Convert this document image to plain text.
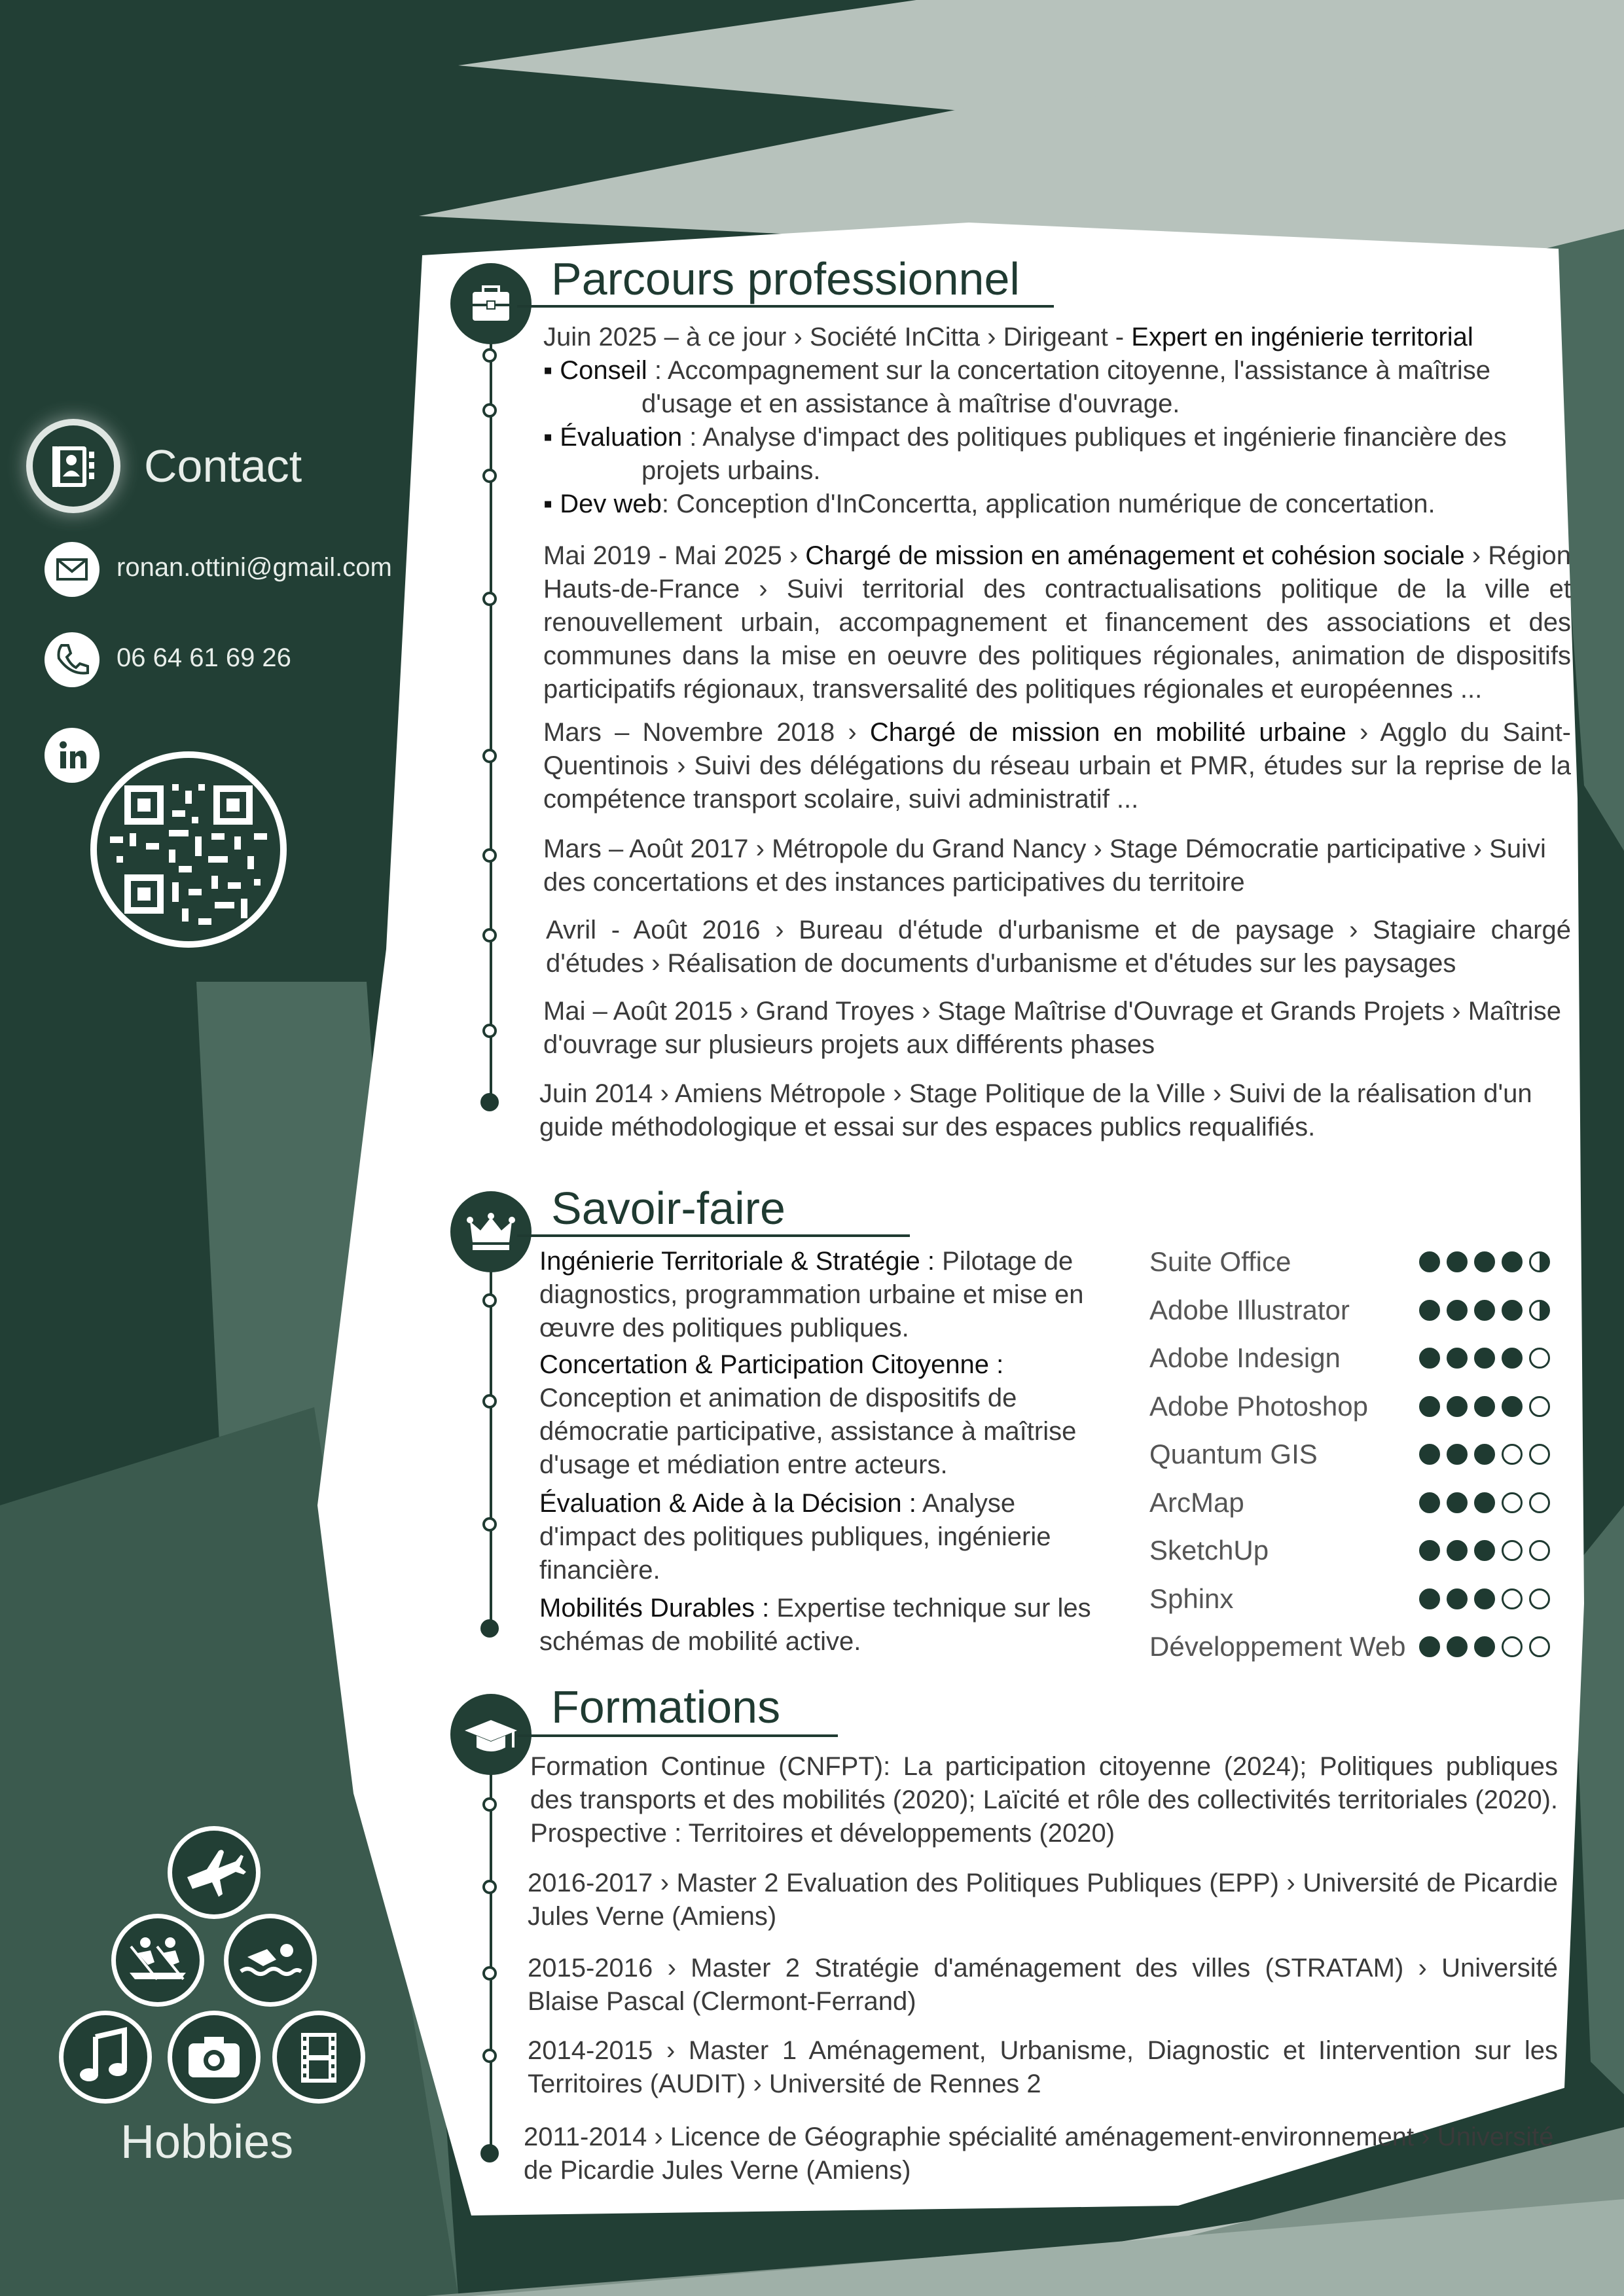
Contact
ronan.ottini@gmail.com
06 64 61 69 26
Hobbies
Parcours professionnel
Juin 2025 – à ce jour › Société InCitta › Dirigeant - Expert en ingénierie territorial
▪ Conseil : Accompagnement sur la concertation citoyenne, l'assistance à maîtrise
d'usage et en assistance à maîtrise d'ouvrage.
▪ Évaluation : Analyse d'impact des politiques publiques et ingénierie financière des
projets urbains.
▪ Dev web: Conception d'InConcertta, application numérique de concertation.
Mai 2019 - Mai 2025 › Chargé de mission en aménagement et cohésion sociale › Région Hauts-de-France › Suivi territorial des contractualisations politique de la ville et renouvellement urbain, accompagnement et financement des associations et des communes dans la mise en oeuvre des politiques régionales, animation de dispositifs participatifs régionaux, transversalité des politiques régionales et européennes ...
Mars – Novembre 2018 › Chargé de mission en mobilité urbaine › Agglo du Saint-Quentinois › Suivi des délégations du réseau urbain et PMR, études sur la reprise de la compétence transport scolaire, suivi administratif ...
Mars – Août 2017 › Métropole du Grand Nancy › Stage Démocratie participative › Suivi des concertations et des instances participatives du territoire
Avril - Août 2016 › Bureau d'étude d'urbanisme et de paysage › Stagiaire chargé d'études › Réalisation de documents d'urbanisme et d'études sur les paysages
Mai – Août 2015 › Grand Troyes › Stage Maîtrise d'Ouvrage et Grands Projets › Maîtrise d'ouvrage sur plusieurs projets aux différents phases
Juin 2014 › Amiens Métropole › Stage Politique de la Ville › Suivi de la réalisation d'un guide méthodologique et essai sur des espaces publics requalifiés.
Savoir-faire
Ingénierie Territoriale & Stratégie : Pilotage de diagnostics, programmation urbaine et mise en œuvre des politiques publiques.
Concertation & Participation Citoyenne : Conception et animation de dispositifs de démocratie participative, assistance à maîtrise d'usage et médiation entre acteurs.
Évaluation & Aide à la Décision : Analyse d'impact des politiques publiques, ingénierie financière.
Mobilités Durables : Expertise technique sur les schémas de mobilité active.
Suite Office
Adobe Illustrator
Adobe Indesign
Adobe Photoshop
Quantum GIS
ArcMap
SketchUp
Sphinx
Développement Web
Formations
Formation Continue (CNFPT): La participation citoyenne (2024); Politiques publiques des transports et des mobilités (2020); Laïcité et rôle des collectivités territoriales (2020). Prospective : Territoires et développements (2020)
2016-2017 › Master 2 Evaluation des Politiques Publiques (EPP) › Université de Picardie Jules Verne (Amiens)
2015-2016 › Master 2 Stratégie d'aménagement des villes (STRATAM) › Université Blaise Pascal (Clermont-Ferrand)
2014-2015 › Master 1 Aménagement, Urbanisme, Diagnostic et Iintervention sur les Territoires (AUDIT) › Université de Rennes 2
2011-2014 › Licence de Géographie spécialité aménagement-environnement › Université de Picardie Jules Verne (Amiens)
